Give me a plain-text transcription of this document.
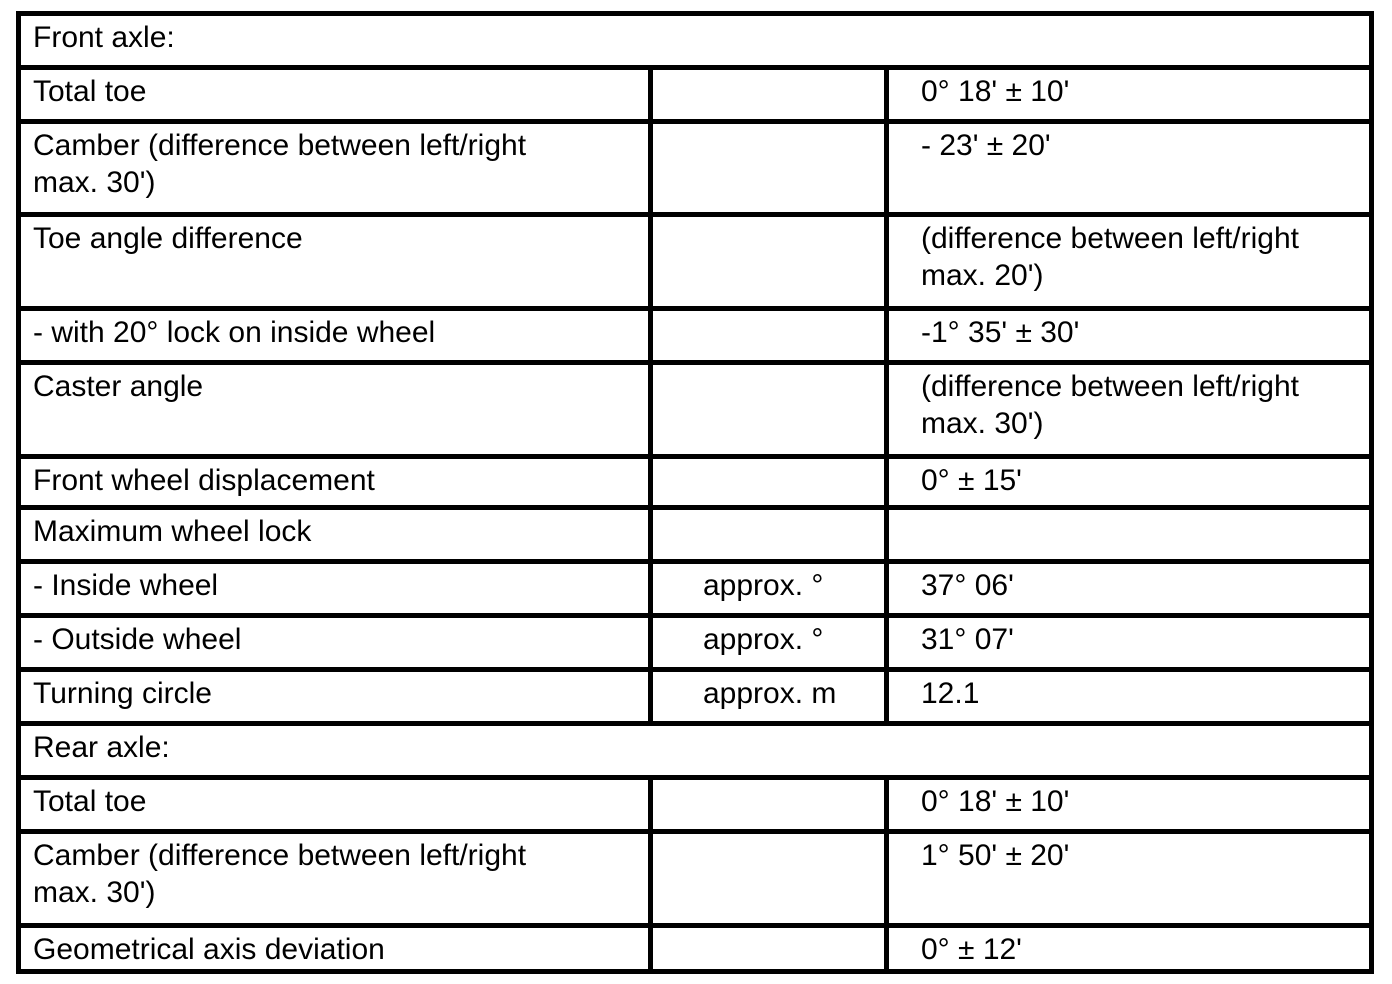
Front axle:		
Total toe		0° 18' ± 10'
Camber (difference between left/right
max. 30')		- 23' ± 20'
Toe angle difference		(difference between left/right
max. 20')
- with 20° lock on inside wheel		-1° 35' ± 30'
Caster angle		(difference between left/right
max. 30')
Front wheel displacement		0° ± 15'
Maximum wheel lock		
- Inside wheel	approx. °	37° 06'
- Outside wheel	approx. °	31° 07'
Turning circle	approx. m	12.1
Rear axle:		
Total toe		0° 18' ± 10'
Camber (difference between left/right
max. 30')		1° 50' ± 20'
Geometrical axis deviation		0° ± 12'
